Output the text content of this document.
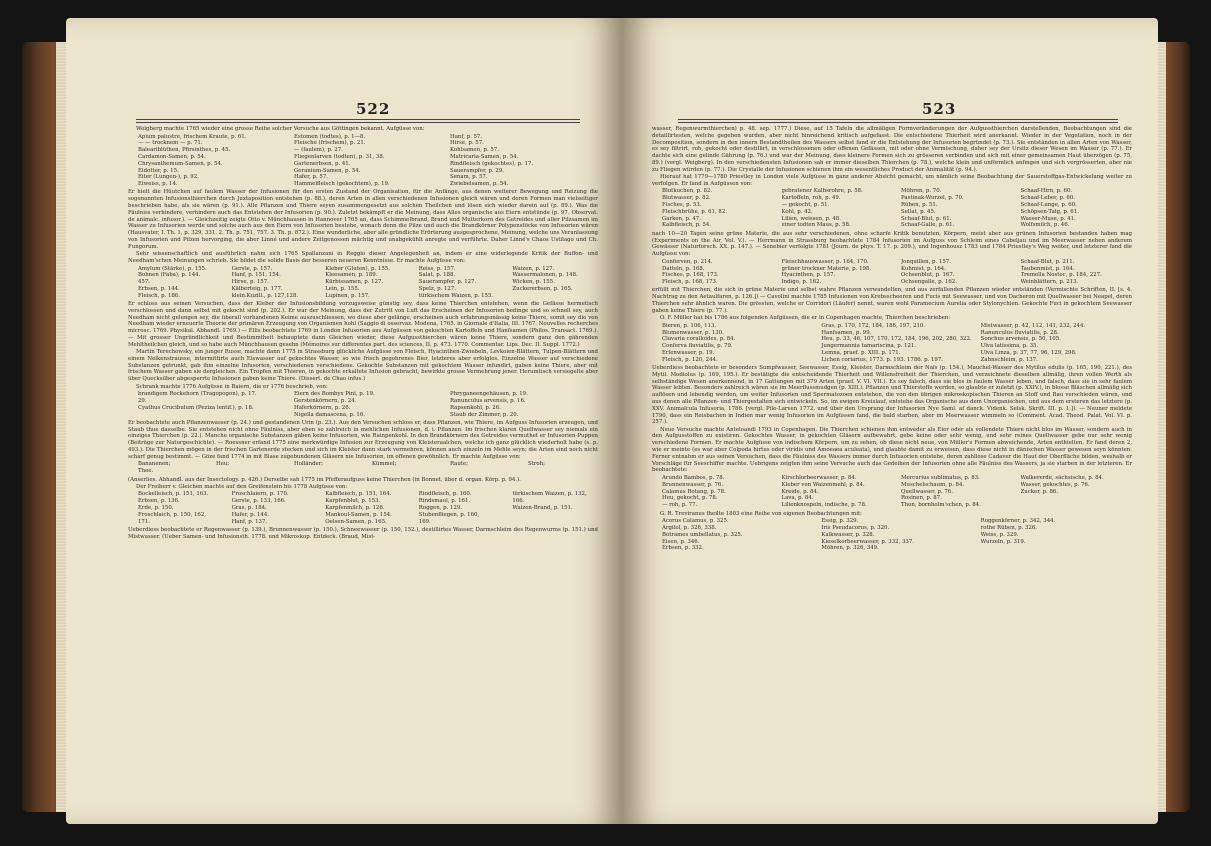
522

Weigberg machte 1765 wieder eine grosse Reihe solcher Versuche aus Göttingen bekannt. Aufgüsse von:

Apium palustre, frischem Kraute, p. 61.	Estomen (todtes), p. 1—8.	Hanf, p. 57.
— — trocknem — p. 71.	Fleische (frischem), p. 21.	Hirse, p. 57.
Baleariblüthen, Pfirsinthes, p. 45.	— (faulem), p. 27.	Kohlsamen, p. 57.
Cardamon-Samen, p. 54.	Fliegenlarven (todten), p. 31, 38.	Matricaria-Samen, p. 54.
Chrysanthemum-Samen, p. 54.	Gartenerbsen, p. 41.	Rindfleisch (gekochtes), p. 17.
Eidotter, p. 15.	Geranium-Samen, p. 54.	Sauerampfer, p. 29.
Eiter (Lungen-), p. 92.	Hafer, p. 57.	Senam, p. 57.
Eiweiss, p. 14.	Hammelfleisch (gekochtem), p. 19.	Zwiebelsamen, p. 54.

Er hielt die Hüutchen auf faulem Wasser der Infusionen für den ersten Zustand der Organisation, für die Anfänge, aus denen weiterer Bewegung und Reizung die sogenannten Infusionsthierchen durch Juxtaposition entstehen (p. 88.), deren Arten in allen verschiedenen Infusionen gleich wären und deren Formen man vielseitiger beschrieben habe, als sie wären (p. 91.). Alle Pflanzen und Thiere seyen zusammengesetzt aus solchen Theilchen und lösen sich wieder darein auf (p. 89.). Was die Fäulniss verhindere, verhindere auch das Entstehen der Infusorien (p. 90.). Zuletzt bekämpft er die Meinung, dass Alles organische aus Eiern entstünde (p. 97. Observat. de animalc. infusor.). — Gleichzeitig zeigte Otto v. Münchhausen in Hannover 1765 an, dass Schimmelbrand, Brand und Mutterkorn des Getreides und aller Pilzsamen im Wasser zu Infusorien werde und solche auch aus den Eiern von Infusorien bestehe, wonach denn die Pilze und auch die Brandkörner Polypenstöcke von Infusorien wären (Hausvater, I. Th. 1, p. 329, 331. 2. Th. p. 751, 757. 3. Th. p. 872.). Eine wunderliche, aber alle gründliche Erörterung ausgesprochene, Meinung, welche uns Veranlassung von Infusorien und Pilzen hervorging, die aber Linné und andere Zeitgenossen mächtig und unabgekühlt anregte und verführte. Daher Linné's Chaos Ustilago und Ch. Fungorum.

Sehr wissenschaftlich und ausführlich nahm sich 1765 Spallanzani in Reggio dieser Angelegenheit an, indem er eine widerlegende Kritik der Buffon- und Needham'schen Meinungen schrieb. Sie bildet die solide Basis der besseren neueren Kenntnisse. Er machte Aufgüsse von:

Amylum (Stärke), p. 155.	Gerste, p. 157.	Kleber (Gluten), p. 155.	Reiss, p. 157.	Waizen, p. 127.
Bohnen (Faba), p. 144.	Hanf, p. 151, 154.	Kleesamen, p. 189.	Salat, p. 188.	Wassermalonen, p. 148.
457.	Hirse, p. 157.	Kürbissamen, p. 127.	Sauerampfer, p. 127.	Wicken, p. 155.
Erbsen, p. 144.	Kälberteig, p. 177.	Lein, p. 155.	Spelz, p. 127.	Zuckererbsen, p. 165.
Fleisch, p. 186.	klein.Kuzill., p. 127,128.	Lupinen, p. 157.	türkischem Waizen, p. 155.

Er schloss aus seinen Versuchen, dass der Kleber der Infusionsbildung vorzugsweise günstig sey, dass keine Thierchen entstehen, wenn die Gefässe hermetisch verschlossen und dann selbst mit gekocht sind (p. 202.). Er war der Meinung, dass der Zutritt von Luft das Erscheinen der Infusorien bedinge und so schnell sey, auch Needham nicht gelungen sey, die überall vorhandenen Keime auszuschliessen, wo diese aber gelänge, erscheinen auch erfahrungsmässig keine Thiere, somit sey die von Needham wieder erneuerte Theorie der primären Erzeugung von Organismen hohl (Saggio di osservaz. Modena, 1765. in Giornale d'Italia, III. 1767. Nouvelles recherches microsc. 1769. Physikal. Abhandl. 1769.) — Ellis beobachtete 1769 in London Infusorien aus Aufgüssen von gekochten Kartoffeln und Hanfsamen (Philos. Transact. 1769.). — Mit grosser Ungründlichkeit und Bestimmtheit behauptete dann Gleichen wieder, diese Aufgussthierchen wären keine Thiere, sondern ganz den gährenden Mehltheilchen gleich, und so habe auch Münchhausen gesehn (Mémoires sur differentes part. des sciences, II. p. 473. 1770. Commentar. Lips. Dec. II. Suppl. 1772.)

Martin Terechowsky, ein junger Russe, machte dann 1775 in Strassburg glückliche Aufgüsse von Fleisch, Hyacinthen-Zwiebeln, Levkoien-Blättern, Tulpen-Blättern und einem Nelkenstrausse, intermittirte auch Eiswasser auf gekochtes Wasser, so wie frisch gegohrenes Bier, letzteres aber erfolglos. Einzelne Wasser auf verschiedene Substanzen getrunkt, gab ihm einzelne Infusorien, verschiedenen verschiedene. Gekochte Substanzen mit gekochtem Wasser infundirt, gaben keine Thiere, aber mit frischem Wasser gaben sie dergleichen. Ein Tropfen mit Thieren, in gekochte erkaltete Infusion gebracht, bewirkte grosse Vermehrung jener. Herumtisch versiegelte aber über Quecksilber abgesperrte Infusionen gaben keine Thiere. (Dissert. de Chao infus.)

Schrank machte 1776 Aufgüsse in Baiern, die er 1776 beschrieb, von:

brandigem Rockehorn (Tragopogon), p. 17.	Eiern des Bombyx Pini, p. 19.	Phryganeengehäusen, p. 19.
29.	Gerstenkörnern, p. 24.	Ranunculus arvensis, p. 16.
Cyathus Crucibulum (Peziza lentif.), p. 18.	Haferkörnern, p. 26.	Rapsenkohl, p. 26.
Nigella damascena, p. 16.	Staub der Zimmer, p. 20.

Er beobachtete auch Pflanzenwasser (p. 24.) und gestandenen Urin (p. 23.). Aus den Versuchen schloss er, dass Pflanzen, wie Thiere, im Aufguss Infusorien erzeugen, und Staub thue dasselbe. Sie entstehen nicht ohne Fäulniss, aber eben so zahlreich in mehlichen Infusionen, d. i. Pflanzen. Im frischen klaren Quellwasser sey niemals ein einziges Thierchen (p. 22.). Manche organische Substanzen gäben keine Infusorien, wie Rainpenkohl. In den Brandkörnern des Getreides vermuthet er Infusorien-Puppen (Beiträge zur Naturgeschichte). — Roessner erfand 1775 eine merkwürdige Infusion zur Erzeugung von Kleisteraalchen, welche ich ganz glücklich wiederholt habe (s. p. 493.). Die Thierchen mögen in der frischen Gartenerde stecken und sich im Kleister dann stark vermehren, können auch einzeln im Mehle seyn; die Arten sind noch nicht scharf genug bestimmt. — Göze fand 1774 in mit Blase zugebundenen Gläsern nie Infusorien, im offenen gewöhnlich. Er machte Aufgüsse von:

Bananenen;	Heu;	Holländer;	Kümmel;	Raute;	Stroh;
Thee.

(Anserlies. Abhandl. aus der Insectology. p. 426.) Derselbe sah 1775 im Pfefferaufguss keine Thierchen (in Bonnet, über d. organ. Körp. p. 94.).

Der Freiherr v. Gleichen machte auf den Greifenstein bis 1778 Aufgüsse von:

Bockelleisch, p. 151, 163.	Froschlaiern, p. 170.	Kalbfleisch, p. 151, 164.	Rindfleisch, p. 160.	türkischem Waizen, p. 132,
Erbsen, p. 136.	Gerste, p. 133, 166.	Karpfenblut, p. 153.	Rindsmaul, p. 161.	166.
Erde, p. 150.	Gras, p. 184.	Karpfenmilch, p. 126.	Roggen, p. 129.	Waizen-Brand, p. 151.
Froschlaich, p. 150, 162,	Hafer, p. 144.	Mankoul-Samen, p. 154.	Stubenfliegen, p. 160,
171.	Hanf, p. 137.	Oelsen-Samen, p. 165.	169.

Ueberdiess beobachtete er Regenwasser (p. 139.), Brunnenwasser (p. 150.), Schneewasser (p. 150, 152.), destillirtes Wasser, Darmschleim des Regenwurms (p. 151.) und Mistwasser. (Ueber Samen- und Infusionsth. 1778. und Mikroskop. Entdeck. (Braud, Mist-

523

wasser, Regenwurmthierchen) p. 48. sep. 1777.) Diese, auf 15 Tafeln die allmäligen Formveränderungen der Aufgussthierchen darstellenden, Beobachtungen sind die detaillirtesten, welche gegeben wurden, aber nicht hinreichend kritisch aufgefasst. Die entschiedene Thierheit wird anerkannt. Wieder in der Vegetation, noch in der Decomposition, sondern in den innern Bestandtheilen des Wassers selbst fand er die Entstehung der Infusorien begründet (p. 73.). Sie entständen in allen Arten von Wasser, es sey filtrirt, roh, gekocht oder destillirt, in verschlossenen oder offenen Gefässen, mit oder ohne Vermischung, daher sey der Ursitz dieser Wesen im Wasser (p. 77.). Er dachte sich eine gelinde Gährung (p. 76.) und war der Meinung, dass kleinere Formen sich zu grösseren verbinden und sich mit einer gemeinsamen Haut überzögen (p. 75, 89.) (vergl. Weigberg). In den verschiedensten Infusionen sah er immer dieselben Thierchen (p. 78.), welche klein und unförmlich anfingen und sich vergrösserten, aber nie zu Fliegen würden (p. 77.). Die Crystalle der Infusionen schienen ihm ein wesentliches Product der Animalität (p. 94.).

Hierauf hat 1779—1780 Priestley in London viele Aufgüsse in ganz anderer Absicht gemacht, um nämlich seine Beobachtung der Sauerstoffgas-Entwickelung weiter zu verfolgen. Er fand in Aufgüssen von:

Blutkuchen, p. 82.	gebratener Kalbsrohre, p. 58.	Möhren, p. 70.	Schaaf-Hirn, p. 60.
Blutwasser, p. 82.	Kartoffeln, roh, p. 49.	Pastinak-Wurzel, p. 70.	Schaaf-Leber, p. 60.
Fisches, p. 53.	— gekocht, p. 51.	Rüben, p. 51.	Schaaf-Lunge, p. 60.
Fleischbrühe, p. 61, 82.	Kohl, p. 42.	Sellat, p. 45.	Schöpsen-Talg, p. 61.
Garken, p. 47.	Lilien, weissen, p. 48.	Schaaf-Blut, p. 61.	Wasser-Muse, p. 41.
Kalbfleisch, p. 54.	einer todten Maus, p. 58.	Schaaf-Galle, p. 61.	Wolfsmilch, p. 46.

nach 10—20 Tagen seine grüne Materie, die aus sehr verschiedenen, ohne scharfe Kritik benutzten, Körpern, meist aber aus grünen Infusorien bestanden haben mag (Experiments on the Air, Vol. V.). — Herrmann in Strassburg beobachtete 1784 Infusorien im Aufguss von Schleim eines Cabeljau und im Meerwasser neben anderem Gewässer (Naturforsch. XX. p. 147.). — Senebier verfolgte 1781 (Journ. de phys. T. 17. p. 209.), und Ingenhousz 1783 und 1784 Priestley's Weg weiter, und letzterer fand die Aufgüsse von:

Conferven, p. 214.	Fleischhauswasser, p. 164, 170.	Jonquillen, p. 157.	Schaaf-Blut, p. 211.
Datteln, p. 168.	grüner trockner Materie, p. 198.	Kuhmist, p. 164.	Taubenmist, p. 164.
Fisches, p. 168, 173.	Hyacinthen, p. 157.	Ochsenblut, p. 167.	Tremella Nostoc, p. 184, 227.
Fleisch, p. 168, 173.	Indigo, p. 162.	Ochsengalle, p. 162.	Weinblättern, p. 213.

erfüllt mit Thierchen, die sich in grüne Materie und selbst wahre Pflanzen verwandelten, und aus zerfallenden Pflanzen wieder entständen (Vermischte Schriften, II. [s. 4. Nachtrag zu den Aetaulfaren, p. 126.]) — Cavolini machte 1785 Infusionen von Krebsscheeren und Fucis mit Seewasser, und von Dacheron mit Quellwasser bei Neapel, deren Thierchen sehr ähnlich waren. Die grössten, welche er Corridori (Läufer) nennt, waren wohl Paramecium Aurelia oder Stylonychien. Gekochte Fuci in gekochtem Seewasser gaben keine Thiere (p. 77.).

O. F. Müller hat bis 1786 aus folgenden Aufgüssen, die er in Copenhagen machte, Thierchen beschrieben:

Bieren, p. 106, 113.	Gras, p. 170, 172, 184, 186, 197, 210.	Mistwasser, p. 42, 112, 141, 232, 244.
Blumenwasser, p. 130.	Hanfsamen, p. 99.	Ranunculus fluviatilis, p. 28.
Clavaria coralloides, p. 84.	Heu, p. 33, 46, 107, 170, 172, 184, 196, 202, 280, 322. Sonchus arvensis, p. 50, 105.
Conferva fluviatilis, p. 79.	Jungermannia tamariscina, p. 121.	Ulva latissima, p. 35.
Erlenwasser, p. 19.	Lemna, praef. p. XIII. p. 171.	Ulva Linza, p. 37, 77, 96, 129, 298.
Fleisch, p. 120, 244.	Lichen coriarius, 1773. p. 193. 1786. p. 197.	Zahnschleim, p. 137.

Ueberdiess beobachtete er besonders Sumpfwasser, Seewasser, Essig, Kleister, Darmschleim der Naïs (p. 154.), Mauchel-Wasser des Mytilus edulis (p. 165, 190, 221.), des Mytil. Modiolus (p. 169, 195.). Er bestätigte die entscheidende Thierheit und Willensfreiheit der Thierchen, und verzeichnete dieselben allmälig, ihren vollen Werth als selbständige Wesen anerkennend, in 17 Gattungen mit 379 Arten (praef. V. VI. VII.). Es sey falsch, dass sie blos in faulem Wasser leben, und falsch, dass sie in sehr faulem Wasser lebten. Besonders zahlreich wären sie im Meerflussmudgen (p. XIII.). Pflanzen und Thierstoffe werden, so glaubte er zuletzt (p. XXIV.), in blosse Bläschen allmälig sich auflösen und lebendig werden, um weiter Infusorien und Spermatozoen entstehen, die von den übrigen mikroskopischen Thieren an Stoff und Bau verschieden wären, und aus denen alle Pflanzen- und Thiergestalten sich entwickeln. So, im ewigen Kreislauf, entstehe das Organische aus dem Unorganischen, und aus dem ersteren das letztere (p. XXV. Animalcula Infusoria, 1786. [vergl. Pile-Larven 1772. und über den Ursprung der Infusorien Nye Saml. af danck. Videnk. Selsk. Skrift. III. p. 1.]). — Neuner meldete 1790, dass ein Reisbachen in Indien mar wenig Infusorien im Aufgüssen fand, die bald starben, aber im Meerwasser wimmeln so (Comment. Acad. Theod. Palat. Vol. VI. p. 257.).

Neue Versuche machte Anteloandi 1793 in Copenhagen. Die Thierchen schienen ihm entweder als Eier oder als vollendete Thiere nicht blos im Wasser, sondern auch in den Aufgusstoffen zu existiren. Gekochtes Wasser, in gekochten Gläsern aufbewahrt, gebe keine oder sehr wenig, und sehr reines Quellwasser gebe nur sehr wenig verschiedene Formen. Er machte Aufgüsse von indischem Körpern, um zu sehen, ob diese nicht neue, von Müller's Formen abweichende, Arten enthielten. Er fand deren 2, wie er meinte (es war aber Colpoda hirtus oder viridis und Amoeaea aculeata), und glaubte damit zu erweisen, dass diese nicht in dänischen Wasser gewesen seyn könnten. Ferner entnahm er aus seinen Versuchen, dass die Fäulniss des Wassers immer durch Infusorien entstehe, deren zahllose Cadaver die Haut der Oberfläche bilden, weshalb er Vorschläge für Seeschiffer machte. Uebrigens zeigten ihm seine Versuche auch das Gedeihen der Infusorien ohne alle Fäulniss des Wassers, ja sie starben in der letzteren. Er beobachtete:

Arundo Bambos, p. 78.	Kirschlorbeerwasser, p. 84.	Mercurius sublimatus, p. 83.	Walkererde, sächsische, p. 84.
Brunnenwasser, p. 76.	Kleber von Waizenmehl, p. 84.	Muschelschaum, p. 84.	Wasser, gekochtes, p. 76.
Calamus Rotang, p. 78.	Kreide, p. 84.	Quellwasser, p. 76.	Zucker, p. 86.
Heu, gekocht, p. 78.	Lava, p. 84.	Rosinen, p. 87.
— roh, p. 77.	Lilienknospeln, indische, p. 78.	Thon, bornholm'schen, p. 84.

G. R. Treviranus theilte 1803 eine Reihe von eigenen Beobachtungen mit:

Acorus Calamus, p. 325.	Essig, p. 329.	Roggenkörner, p. 342, 344.
Argilol, p. 326, 338.	Iris Pseudacorus, p. 320.	rothe Rüben, p. 326.
Botrames umbellatus, p. 325.	Kalkwasser, p. 328.	Weiss, p. 329.
Eisen, p. 346.	Kieselkorbeerwasser, p. 332, 337.	Wurzeln, p. 319.
Erbsen, p. 332.	Möhren, p. 326, 349.
